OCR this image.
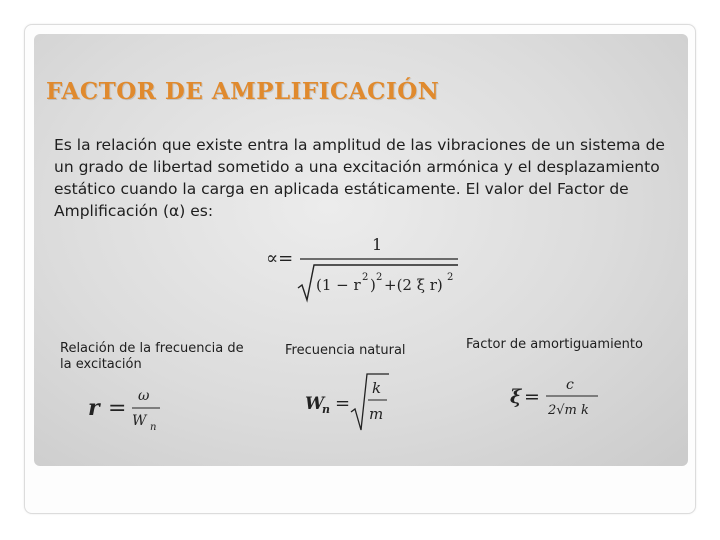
FACTOR DE AMPLIFICACIÓN

Es la relación que existe entra la amplitud de las vibraciones de un sistema de un grado de libertad sometido a una excitación armónica y el desplazamiento estático cuando la carga en aplicada estáticamente. El valor del Factor de Amplificación (α) es:

∝=
1
(1 − r 2 ) 2 +(2 ξ r) 2

Relación de la frecuencia de la excitación

Frecuencia natural	Factor de amortiguamiento

r = ω
W n
W
n =
k
m
ξ =
c
2√m k
